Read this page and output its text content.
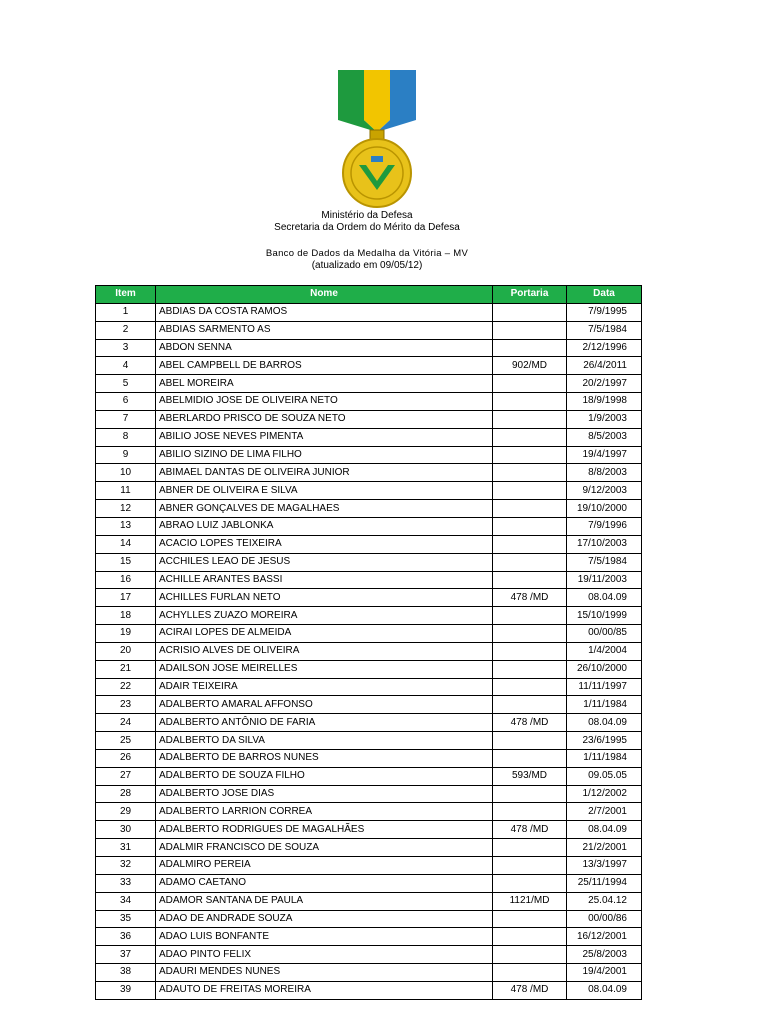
Ministério da Defesa
Secretaria da Ordem do Mérito da Defesa
Banco de Dados da Medalha da Vitória – MV
(atualizado em 09/05/12)
Item	Nome	Portaria	Data
1	ABDIAS DA COSTA RAMOS		7/9/1995
2	ABDIAS SARMENTO AS		7/5/1984
3	ABDON SENNA		2/12/1996
4	ABEL CAMPBELL DE BARROS	902/MD	26/4/2011
5	ABEL MOREIRA		20/2/1997
6	ABELMIDIO JOSE DE OLIVEIRA NETO		18/9/1998
7	ABERLARDO PRISCO DE SOUZA NETO		1/9/2003
8	ABILIO JOSE NEVES PIMENTA		8/5/2003
9	ABILIO SIZINO DE LIMA FILHO		19/4/1997
10	ABIMAEL DANTAS DE OLIVEIRA JUNIOR		8/8/2003
11	ABNER DE OLIVEIRA E SILVA		9/12/2003
12	ABNER GONÇALVES DE MAGALHAES		19/10/2000
13	ABRAO LUIZ JABLONKA		7/9/1996
14	ACACIO LOPES TEIXEIRA		17/10/2003
15	ACCHILES LEAO DE JESUS		7/5/1984
16	ACHILLE ARANTES BASSI		19/11/2003
17	ACHILLES FURLAN NETO	478 /MD	08.04.09
18	ACHYLLES ZUAZO MOREIRA		15/10/1999
19	ACIRAI LOPES DE ALMEIDA		00/00/85
20	ACRISIO ALVES DE OLIVEIRA		1/4/2004
21	ADAILSON JOSE MEIRELLES		26/10/2000
22	ADAIR TEIXEIRA		11/11/1997
23	ADALBERTO AMARAL AFFONSO		1/11/1984
24	ADALBERTO ANTÔNIO DE FARIA	478 /MD	08.04.09
25	ADALBERTO DA SILVA		23/6/1995
26	ADALBERTO DE BARROS NUNES		1/11/1984
27	ADALBERTO DE SOUZA FILHO	593/MD	09.05.05
28	ADALBERTO JOSE DIAS		1/12/2002
29	ADALBERTO LARRION CORREA		2/7/2001
30	ADALBERTO RODRIGUES DE MAGALHÃES	478 /MD	08.04.09
31	ADALMIR FRANCISCO DE SOUZA		21/2/2001
32	ADALMIRO PEREIA		13/3/1997
33	ADAMO CAETANO		25/11/1994
34	ADAMOR SANTANA DE PAULA	1121/MD	25.04.12
35	ADAO DE ANDRADE SOUZA		00/00/86
36	ADAO LUIS BONFANTE		16/12/2001
37	ADAO PINTO FELIX		25/8/2003
38	ADAURI MENDES NUNES		19/4/2001
39	ADAUTO DE FREITAS MOREIRA	478 /MD	08.04.09
